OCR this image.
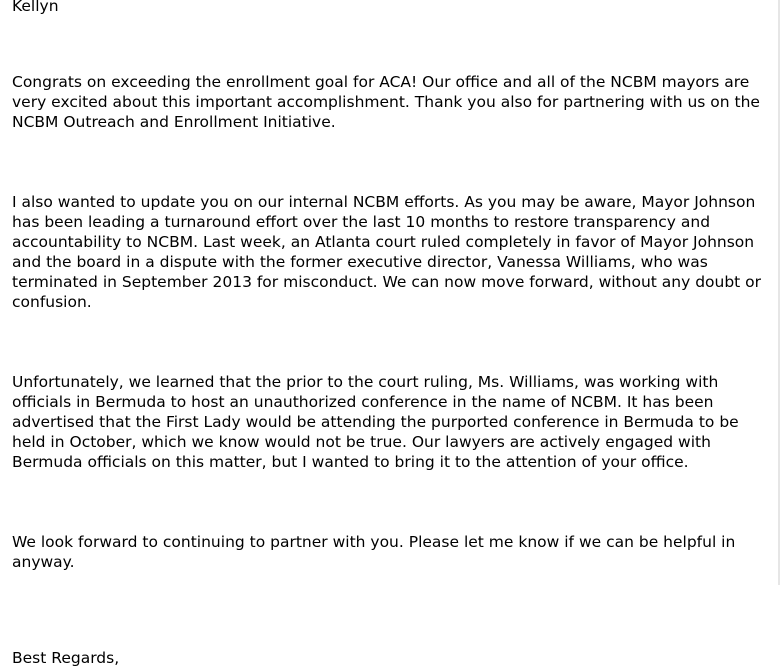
Kellyn

Congrats on exceeding the enrollment goal for ACA! Our office and all of the NCBM mayors are very excited about this important accomplishment. Thank you also for partnering with us on the NCBM Outreach and Enrollment Initiative.

I also wanted to update you on our internal NCBM efforts. As you may be aware, Mayor Johnson has been leading a turnaround effort over the last 10 months to restore transparency and accountability to NCBM. Last week, an Atlanta court ruled completely in favor of Mayor Johnson and the board in a dispute with the former executive director, Vanessa Williams, who was terminated in September 2013 for misconduct. We can now move forward, without any doubt or confusion.

Unfortunately, we learned that the prior to the court ruling, Ms. Williams, was working with officials in Bermuda to host an unauthorized conference in the name of NCBM. It has been advertised that the First Lady would be attending the purported conference in Bermuda to be held in October, which we know would not be true. Our lawyers are actively engaged with Bermuda officials on this matter, but I wanted to bring it to the attention of your office.

We look forward to continuing to partner with you. Please let me know if we can be helpful in anyway.

Best Regards,
